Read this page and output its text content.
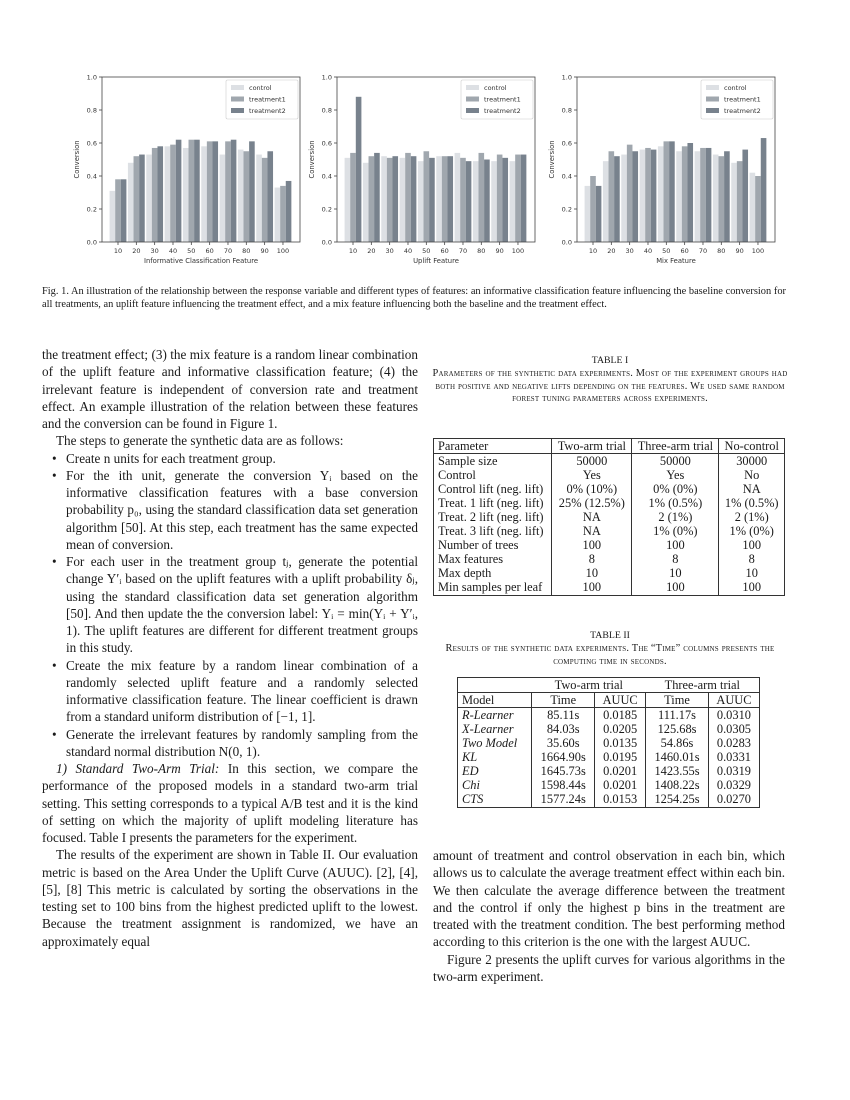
0.0
0.2
0.4
0.6
0.8
1.0
10 20 30 40 50 60 70 80 90 100
Informative Classification Feature
Conversion
control
treatment1
treatment2
0.0
0.2
0.4
0.6
0.8
1.0
10 20 30 40 50 60 70 80 90 100
Uplift Feature
Conversion
control
treatment1
treatment2
0.0
0.2
0.4
0.6
0.8
1.0
10 20 30 40 50 60 70 80 90 100
Mix Feature
Conversion
control
treatment1
treatment2
Fig. 1. An illustration of the relationship between the response variable and different types of features: an informative classification feature influencing the baseline conversion for all treatments, an uplift feature influencing the treatment effect, and a mix feature influencing both the baseline and the treatment effect.

the treatment effect; (3) the mix feature is a random linear combination of the uplift feature and informative classification feature; (4) the irrelevant feature is independent of conversion rate and treatment effect. An example illustration of the relation between these features and the conversion can be found in Figure 1.

The steps to generate the synthetic data are as follows:

• Create n units for each treatment group.
• For the ith unit, generate the conversion Yᵢ based on the informative classification features with a base conversion probability p₀, using the standard classification data set generation algorithm [50]. At this step, each treatment has the same expected mean of conversion.
• For each user in the treatment group tⱼ, generate the potential change Y′ᵢ based on the uplift features with a uplift probability δⱼ, using the standard classification data set generation algorithm [50]. And then update the the conversion label: Yᵢ = min(Yᵢ + Y′ᵢ, 1). The uplift features are different for different treatment groups in this study.
• Create the mix feature by a random linear combination of a randomly selected uplift feature and a randomly selected informative classification feature. The linear coefficient is drawn from a standard uniform distribution of [−1, 1].
• Generate the irrelevant features by randomly sampling from the standard normal distribution N(0, 1).

1) Standard Two-Arm Trial: In this section, we compare the performance of the proposed models in a standard two-arm trial setting. This setting corresponds to a typical A/B test and it is the kind of setting on which the majority of uplift modeling literature has focused. Table I presents the parameters for the experiment.

The results of the experiment are shown in Table II. Our evaluation metric is based on the Area Under the Uplift Curve (AUUC). [2], [4], [5], [8] This metric is calculated by sorting the observations in the testing set to 100 bins from the highest predicted uplift to the lowest. Because the treatment assignment is randomized, we have an approximately equal

TABLE I
Parameters of the synthetic data experiments. Most of the experiment groups had both positive and negative lifts depending on the features. We used same random forest tuning parameters across experiments.
Parameter	Two-arm trial	Three-arm trial	No-control
Sample size	50000	50000	30000
Control	Yes	Yes	No
Control lift (neg. lift)	0% (10%)	0% (0%)	NA
Treat. 1 lift (neg. lift)	25% (12.5%)	1% (0.5%)	1% (0.5%)
Treat. 2 lift (neg. lift)	NA	2 (1%)	2 (1%)
Treat. 3 lift (neg. lift)	NA	1% (0%)	1% (0%)
Number of trees	100	100	100
Max features	8	8	8
Max depth	10	10	10
Min samples per leaf	100	100	100
TABLE II
Results of the synthetic data experiments. The “Time” columns presents the computing time in seconds.
	Two-arm trial		Three-arm trial	
Model	Time	AUUC	Time	AUUC
R-Learner	85.11s	0.0185	111.17s	0.0310
X-Learner	84.03s	0.0205	125.68s	0.0305
Two Model	35.60s	0.0135	54.86s	0.0283
KL	1664.90s	0.0195	1460.01s	0.0331
ED	1645.73s	0.0201	1423.55s	0.0319
Chi	1598.44s	0.0201	1408.22s	0.0329
CTS	1577.24s	0.0153	1254.25s	0.0270

amount of treatment and control observation in each bin, which allows us to calculate the average treatment effect within each bin. We then calculate the average difference between the treatment and the control if only the highest p bins in the treatment are treated with the treatment condition. The best performing method according to this criterion is the one with the largest AUUC.

Figure 2 presents the uplift curves for various algorithms in the two-arm experiment.
